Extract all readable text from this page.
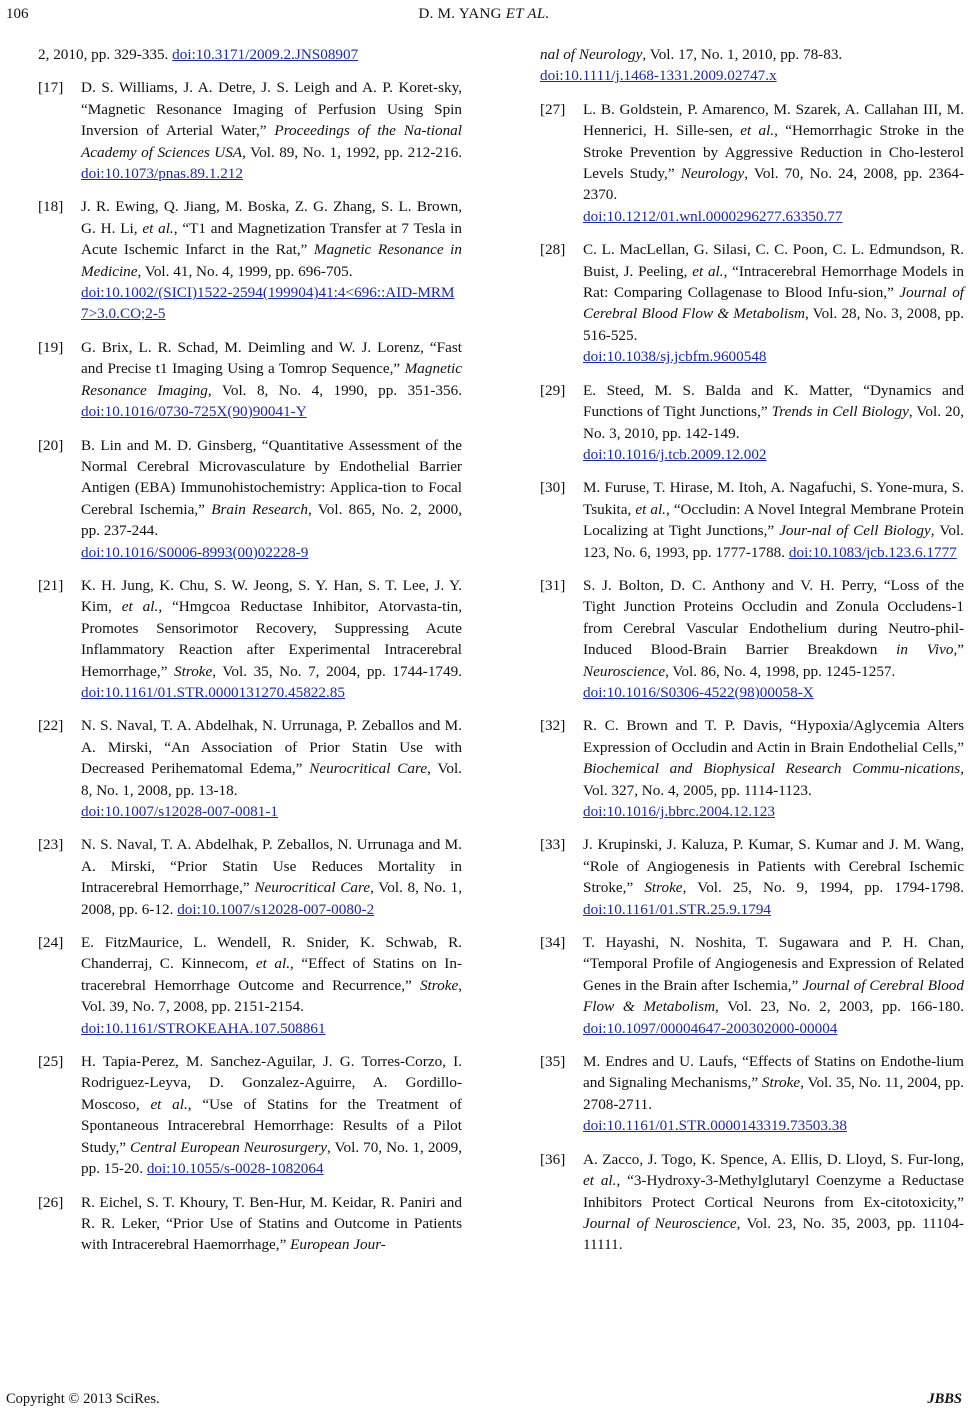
106	D. M. YANG ET AL.
2, 2010, pp. 329-335. doi:10.3171/2009.2.JNS08907
[17] D. S. Williams, J. A. Detre, J. S. Leigh and A. P. Koret-sky, “Magnetic Resonance Imaging of Perfusion Using Spin Inversion of Arterial Water,” Proceedings of the Na-tional Academy of Sciences USA, Vol. 89, No. 1, 1992, pp. 212-216. doi:10.1073/pnas.89.1.212
[18] J. R. Ewing, Q. Jiang, M. Boska, Z. G. Zhang, S. L. Brown, G. H. Li, et al., “T1 and Magnetization Transfer at 7 Tesla in Acute Ischemic Infarct in the Rat,” Magnetic Resonance in Medicine, Vol. 41, No. 4, 1999, pp. 696-705.
doi:10.1002/(SICI)1522-2594(199904)41:4<696::AID-MRM7>3.0.CO;2-5
[19] G. Brix, L. R. Schad, M. Deimling and W. J. Lorenz, “Fast and Precise t1 Imaging Using a Tomrop Sequence,” Magnetic Resonance Imaging, Vol. 8, No. 4, 1990, pp. 351-356. doi:10.1016/0730-725X(90)90041-Y
[20] B. Lin and M. D. Ginsberg, “Quantitative Assessment of the Normal Cerebral Microvasculature by Endothelial Barrier Antigen (EBA) Immunohistochemistry: Applica-tion to Focal Cerebral Ischemia,” Brain Research, Vol. 865, No. 2, 2000, pp. 237-244.
doi:10.1016/S0006-8993(00)02228-9
[21] K. H. Jung, K. Chu, S. W. Jeong, S. Y. Han, S. T. Lee, J. Y. Kim, et al., “Hmgcoa Reductase Inhibitor, Atorvasta-tin, Promotes Sensorimotor Recovery, Suppressing Acute Inflammatory Reaction after Experimental Intracerebral Hemorrhage,” Stroke, Vol. 35, No. 7, 2004, pp. 1744-1749. doi:10.1161/01.STR.0000131270.45822.85
[22] N. S. Naval, T. A. Abdelhak, N. Urrunaga, P. Zeballos and M. A. Mirski, “An Association of Prior Statin Use with Decreased Perihematomal Edema,” Neurocritical Care, Vol. 8, No. 1, 2008, pp. 13-18.
doi:10.1007/s12028-007-0081-1
[23] N. S. Naval, T. A. Abdelhak, P. Zeballos, N. Urrunaga and M. A. Mirski, “Prior Statin Use Reduces Mortality in Intracerebral Hemorrhage,” Neurocritical Care, Vol. 8, No. 1, 2008, pp. 6-12. doi:10.1007/s12028-007-0080-2
[24] E. FitzMaurice, L. Wendell, R. Snider, K. Schwab, R. Chanderraj, C. Kinnecom, et al., “Effect of Statins on In-tracerebral Hemorrhage Outcome and Recurrence,” Stroke, Vol. 39, No. 7, 2008, pp. 2151-2154.
doi:10.1161/STROKEAHA.107.508861
[25] H. Tapia-Perez, M. Sanchez-Aguilar, J. G. Torres-Corzo, I. Rodriguez-Leyva, D. Gonzalez-Aguirre, A. Gordillo-Moscoso, et al., “Use of Statins for the Treatment of Spontaneous Intracerebral Hemorrhage: Results of a Pilot Study,” Central European Neurosurgery, Vol. 70, No. 1, 2009, pp. 15-20. doi:10.1055/s-0028-1082064
[26] R. Eichel, S. T. Khoury, T. Ben-Hur, M. Keidar, R. Paniri and R. R. Leker, “Prior Use of Statins and Outcome in Patients with Intracerebral Haemorrhage,” European Jour-
nal of Neurology, Vol. 17, No. 1, 2010, pp. 78-83.
doi:10.1111/j.1468-1331.2009.02747.x
[27] L. B. Goldstein, P. Amarenco, M. Szarek, A. Callahan III, M. Hennerici, H. Sille-sen, et al., “Hemorrhagic Stroke in the Stroke Prevention by Aggressive Reduction in Cho-lesterol Levels Study,” Neurology, Vol. 70, No. 24, 2008, pp. 2364-2370.
doi:10.1212/01.wnl.0000296277.63350.77
[28] C. L. MacLellan, G. Silasi, C. C. Poon, C. L. Edmundson, R. Buist, J. Peeling, et al., “Intracerebral Hemorrhage Models in Rat: Comparing Collagenase to Blood Infu-sion,” Journal of Cerebral Blood Flow & Metabolism, Vol. 28, No. 3, 2008, pp. 516-525.
doi:10.1038/sj.jcbfm.9600548
[29] E. Steed, M. S. Balda and K. Matter, “Dynamics and Functions of Tight Junctions,” Trends in Cell Biology, Vol. 20, No. 3, 2010, pp. 142-149.
doi:10.1016/j.tcb.2009.12.002
[30] M. Furuse, T. Hirase, M. Itoh, A. Nagafuchi, S. Yone-mura, S. Tsukita, et al., “Occludin: A Novel Integral Membrane Protein Localizing at Tight Junctions,” Jour-nal of Cell Biology, Vol. 123, No. 6, 1993, pp. 1777-1788. doi:10.1083/jcb.123.6.1777
[31] S. J. Bolton, D. C. Anthony and V. H. Perry, “Loss of the Tight Junction Proteins Occludin and Zonula Occludens-1 from Cerebral Vascular Endothelium during Neutro-phil-Induced Blood-Brain Barrier Breakdown in Vivo,” Neuroscience, Vol. 86, No. 4, 1998, pp. 1245-1257.
doi:10.1016/S0306-4522(98)00058-X
[32] R. C. Brown and T. P. Davis, “Hypoxia/Aglycemia Alters Expression of Occludin and Actin in Brain Endothelial Cells,” Biochemical and Biophysical Research Commu-nications, Vol. 327, No. 4, 2005, pp. 1114-1123.
doi:10.1016/j.bbrc.2004.12.123
[33] J. Krupinski, J. Kaluza, P. Kumar, S. Kumar and J. M. Wang, “Role of Angiogenesis in Patients with Cerebral Ischemic Stroke,” Stroke, Vol. 25, No. 9, 1994, pp. 1794-1798. doi:10.1161/01.STR.25.9.1794
[34] T. Hayashi, N. Noshita, T. Sugawara and P. H. Chan, “Temporal Profile of Angiogenesis and Expression of Related Genes in the Brain after Ischemia,” Journal of Cerebral Blood Flow & Metabolism, Vol. 23, No. 2, 2003, pp. 166-180. doi:10.1097/00004647-200302000-00004
[35] M. Endres and U. Laufs, “Effects of Statins on Endothe-lium and Signaling Mechanisms,” Stroke, Vol. 35, No. 11, 2004, pp. 2708-2711.
doi:10.1161/01.STR.0000143319.73503.38
[36] A. Zacco, J. Togo, K. Spence, A. Ellis, D. Lloyd, S. Fur-long, et al., “3-Hydroxy-3-Methylglutaryl Coenzyme a Reductase Inhibitors Protect Cortical Neurons from Ex-citotoxicity,” Journal of Neuroscience, Vol. 23, No. 35, 2003, pp. 11104-11111.
Copyright © 2013 SciRes.	JBBS
